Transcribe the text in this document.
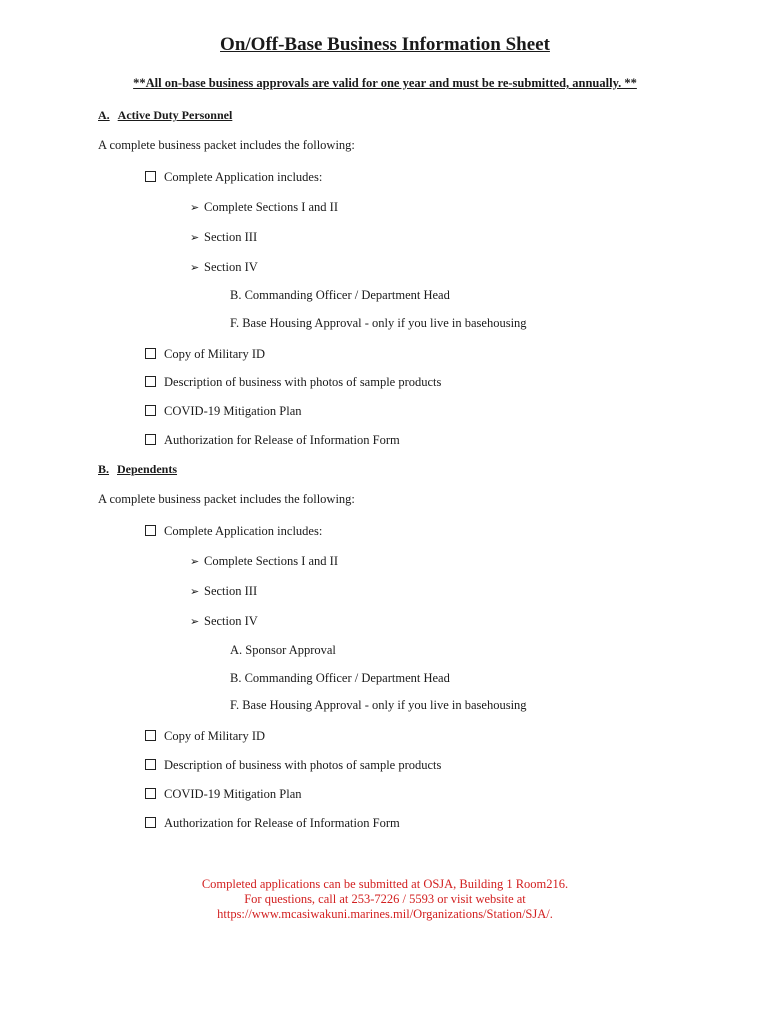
On/Off-Base Business Information Sheet
**All on-base business approvals are valid for one year and must be re-submitted, annually. **
A. Active Duty Personnel
A complete business packet includes the following:
Complete Application includes:
➢ Complete Sections I and II
➢ Section III
➢ Section IV
B. Commanding Officer / Department Head
F. Base Housing Approval - only if you live in basehousing
Copy of Military ID
Description of business with photos of sample products
COVID-19 Mitigation Plan
Authorization for Release of Information Form
B. Dependents
A complete business packet includes the following:
Complete Application includes:
➢ Complete Sections I and II
➢ Section III
➢ Section IV
A. Sponsor Approval
B. Commanding Officer / Department Head
F. Base Housing Approval - only if you live in basehousing
Copy of Military ID
Description of business with photos of sample products
COVID-19 Mitigation Plan
Authorization for Release of Information Form
Completed applications can be submitted at OSJA, Building 1 Room216.
For questions, call at 253-7226 / 5593 or visit website at
https://www.mcasiwakuni.marines.mil/Organizations/Station/SJA/.
